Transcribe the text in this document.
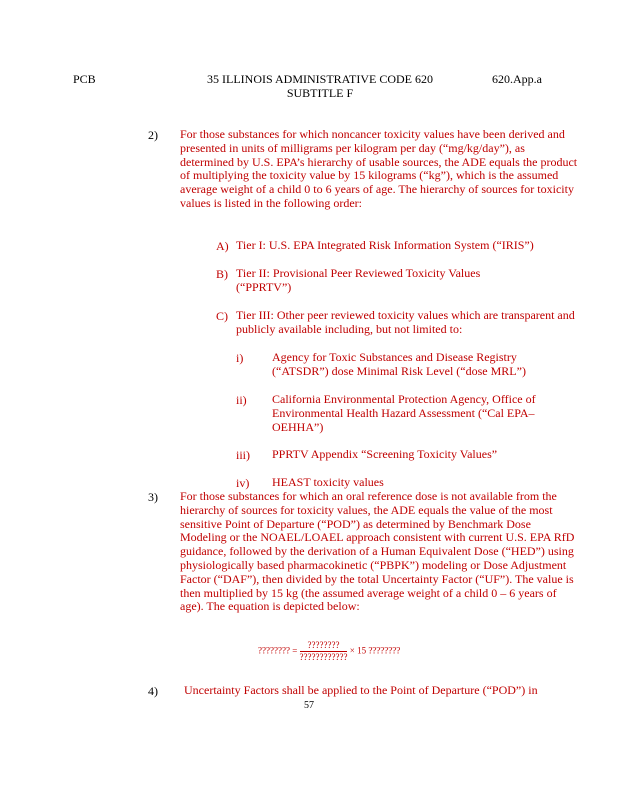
PCB	35 ILLINOIS ADMINISTRATIVE CODE 620
SUBTITLE F
620.App.a
2) For those substances for which noncancer toxicity values have been derived and presented in units of milligrams per kilogram per day (“mg/kg/day”), as determined by U.S. EPA’s hierarchy of usable sources, the ADE equals the product of multiplying the toxicity value by 15 kilograms (“kg”), which is the assumed average weight of a child 0 to 6 years of age. The hierarchy of sources for toxicity values is listed in the following order:
A) Tier I: U.S. EPA Integrated Risk Information System (“IRIS”)
B) Tier II: Provisional Peer Reviewed Toxicity Values (“PPRTV”)
C) Tier III: Other peer reviewed toxicity values which are transparent and publicly available including, but not limited to:
i) Agency for Toxic Substances and Disease Registry (“ATSDR”) dose Minimal Risk Level (“dose MRL”)
ii) California Environmental Protection Agency, Office of Environmental Health Hazard Assessment (“Cal EPA–OEHHA”)
iii) PPRTV Appendix “Screening Toxicity Values”
iv) HEAST toxicity values
3) For those substances for which an oral reference dose is not available from the hierarchy of sources for toxicity values, the ADE equals the value of the most sensitive Point of Departure (“POD”) as determined by Benchmark Dose Modeling or the NOAEL/LOAEL approach consistent with current U.S. EPA RfD guidance, followed by the derivation of a Human Equivalent Dose (“HED”) using physiologically based pharmacokinetic (“PBPK”) modeling or Dose Adjustment Factor (“DAF”), then divided by the total Uncertainty Factor (“UF”). The value is then multiplied by 15 kg (the assumed average weight of a child 0 – 6 years of age). The equation is depicted below:
???????? = $\frac{????????}{????????????} \times 15$ ????????
4) Uncertainty Factors shall be applied to the Point of Departure (“POD”) in
57
